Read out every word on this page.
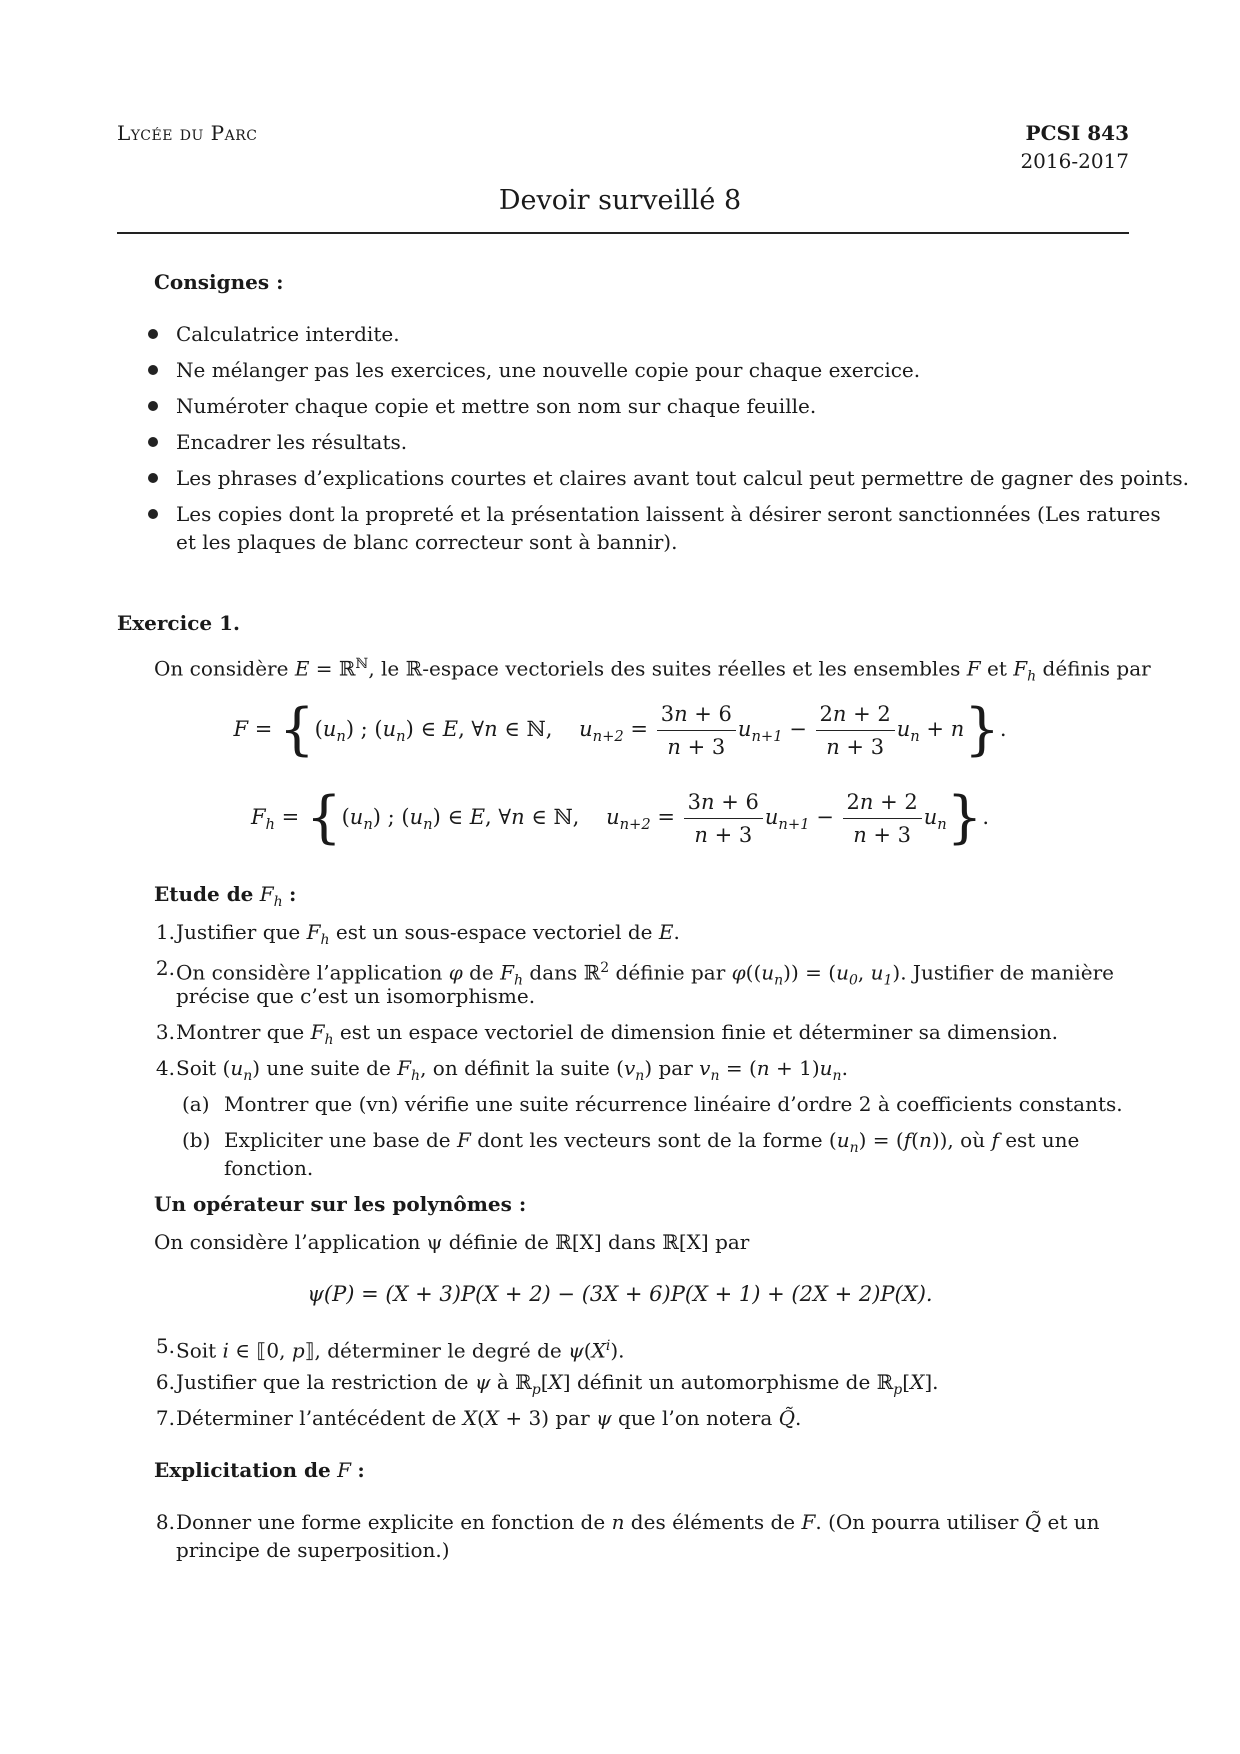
Lycée du Parc	PCSI 843
2016-2017
Devoir surveillé 8
Consignes :
Calculatrice interdite.
Ne mélanger pas les exercices, une nouvelle copie pour chaque exercice.
Numéroter chaque copie et mettre son nom sur chaque feuille.
Encadrer les résultats.
Les phrases d’explications courtes et claires avant tout calcul peut permettre de gagner des points.
Les copies dont la propreté et la présentation laissent à désirer seront sanctionnées (Les ratures
et les plaques de blanc correcteur sont à bannir).
Exercice 1.
On considère E = ℝ$^ℕ$, le ℝ-espace vectoriels des suites réelles et les ensembles F et $F_h$ définis par
$F = \{(u_n)$ ; $(u_n)$ ∈ E, ∀n ∈ ℕ,    $u_{n+2} = \frac{3n + 6}{n + 3} u_{n+1} - \frac{2n + 2}{n + 3} u_n + n$}.
$F_h = \{(u_n)$ ; $(u_n)$ ∈ E, ∀n ∈ ℕ,    $u_{n+2} = \frac{3n + 6}{n + 3} u_{n+1} - \frac{2n + 2}{n + 3} u_n$}.
Etude de $F_h$ :
1. Justifier que $F_h$ est un sous-espace vectoriel de E.
2. On considère l’application φ de $F_h$ dans ℝ$^2$ définie par $\varphi((u_n)) = (u_0$, $u_1$). Justifier de manière
précise que c’est un isomorphisme.
3. Montrer que $F_h$ est un espace vectoriel de dimension finie et déterminer sa dimension.
4. Soit $(u_n)$ une suite de $F_h$, on définit la suite $(v_n)$ par $v_n = (n + 1)u_n$.
(a) Montrer que (vn) vérifie une suite récurrence linéaire d’ordre 2 à coefficients constants.
(b) Expliciter une base de F dont les vecteurs sont de la forme $(u_n) = (f(n))$, où f est une
fonction.
Un opérateur sur les polynômes :
On considère l’application ψ définie de ℝ[X] dans ℝ[X] par
ψ(P) = (X + 3)P(X + 2) − (3X + 6)P(X + 1) + (2X + 2)P(X).
5. Soit i ∈ ⟦0, p⟧, déterminer le degré de $\psi(X^i)$.
6. Justifier que la restriction de ψ à ℝ$_p$[X] définit un automorphisme de ℝ$_p$[X].
7. Déterminer l’antécédent de X(X + 3) par ψ que l’on notera Q̃.
Explicitation de F :
8. Donner une forme explicite en fonction de n des éléments de F. (On pourra utiliser Q̃ et un
principe de superposition.)
